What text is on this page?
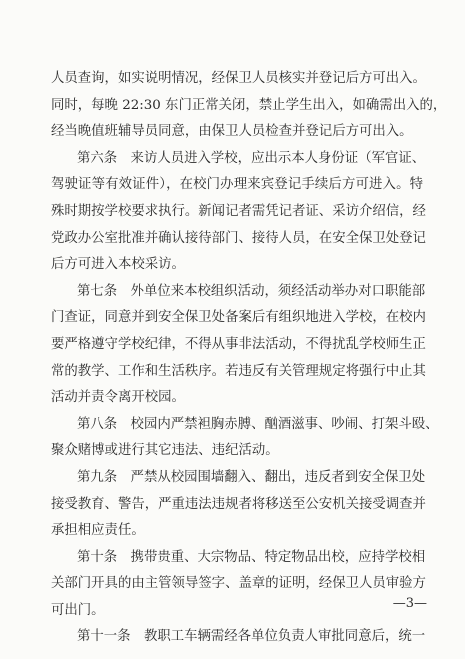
人员查询，如实说明情况，经保卫人员核实并登记后方可出入。
同时，每晚 22:30 东门正常关闭，禁止学生出入，如确需出入的，
经当晚值班辅导员同意，由保卫人员检查并登记后方可出入。
第六条　来访人员进入学校，应出示本人身份证（军官证、
驾驶证等有效证件），在校门办理来宾登记手续后方可进入。特
殊时期按学校要求执行。新闻记者需凭记者证、采访介绍信，经
党政办公室批准并确认接待部门、接待人员，在安全保卫处登记
后方可进入本校采访。
第七条　外单位来本校组织活动，须经活动举办对口职能部
门查证，同意并到安全保卫处备案后有组织地进入学校，在校内
要严格遵守学校纪律，不得从事非法活动，不得扰乱学校师生正
常的教学、工作和生活秩序。若违反有关管理规定将强行中止其
活动并责令离开校园。
第八条　校园内严禁袒胸赤膊、酗酒滋事、吵闹、打架斗殴、
聚众赌博或进行其它违法、违纪活动。
第九条　严禁从校园围墙翻入、翻出，违反者到安全保卫处
接受教育、警告，严重违法违规者将移送至公安机关接受调查并
承担相应责任。
第十条　携带贵重、大宗物品、特定物品出校，应持学校相
关部门开具的由主管领导签字、盖章的证明，经保卫人员审验方
可出门。
第十一条　教职工车辆需经各单位负责人审批同意后，统一
—3—
